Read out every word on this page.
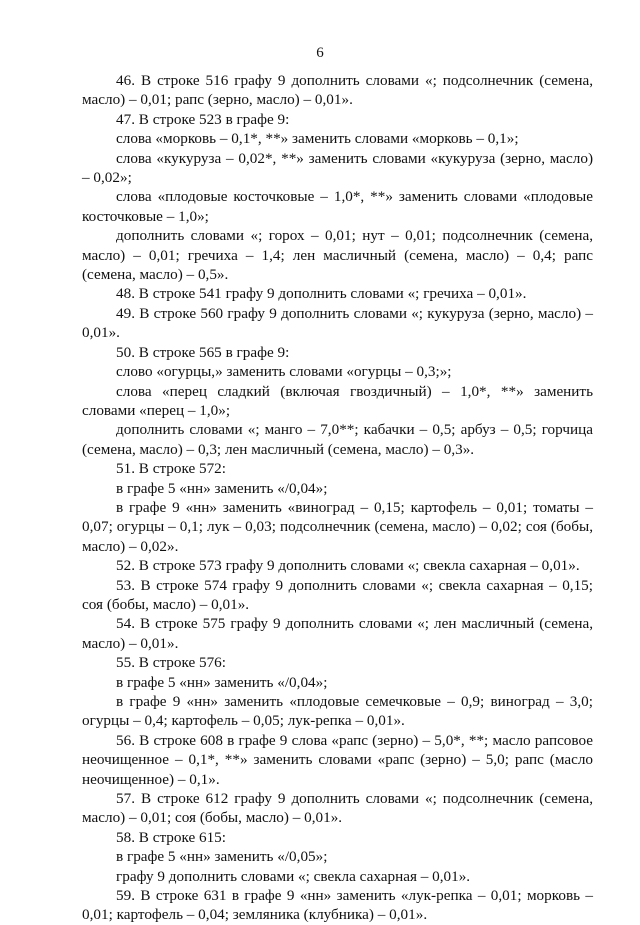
6

46. В строке 516 графу 9 дополнить словами «; подсолнечник (семена, масло) – 0,01; рапс (зерно, масло) – 0,01».

47. В строке 523 в графе 9:

слова «морковь – 0,1*, **» заменить словами «морковь – 0,1»;

слова «кукуруза – 0,02*, **» заменить словами «кукуруза (зерно, масло) – 0,02»;

слова «плодовые косточковые – 1,0*, **» заменить словами «плодовые косточковые – 1,0»;

дополнить словами «; горох – 0,01; нут – 0,01; подсолнечник (семена, масло) – 0,01; гречиха – 1,4; лен масличный (семена, масло) – 0,4; рапс (семена, масло) – 0,5».

48. В строке 541 графу 9 дополнить словами «; гречиха – 0,01».

49. В строке 560 графу 9 дополнить словами «; кукуруза (зерно, масло) – 0,01».

50. В строке 565 в графе 9:

слово «огурцы,» заменить словами «огурцы – 0,3;»;

слова «перец сладкий (включая гвоздичный) – 1,0*, **» заменить словами «перец – 1,0»;

дополнить словами «; манго – 7,0**; кабачки – 0,5; арбуз – 0,5; горчица (семена, масло) – 0,3; лен масличный (семена, масло) – 0,3».

51. В строке 572:

в графе 5 «нн» заменить «/0,04»;

в графе 9 «нн» заменить «виноград – 0,15; картофель – 0,01; томаты – 0,07; огурцы – 0,1; лук – 0,03; подсолнечник (семена, масло) – 0,02; соя (бобы, масло) – 0,02».

52. В строке 573 графу 9 дополнить словами «; свекла сахарная – 0,01».

53. В строке 574 графу 9 дополнить словами «; свекла сахарная – 0,15; соя (бобы, масло) – 0,01».

54. В строке 575 графу 9 дополнить словами «; лен масличный (семена, масло) – 0,01».

55. В строке 576:

в графе 5 «нн» заменить «/0,04»;

в графе 9 «нн» заменить «плодовые семечковые – 0,9; виноград – 3,0; огурцы – 0,4; картофель – 0,05; лук-репка – 0,01».

56. В строке 608 в графе 9 слова «рапс (зерно) – 5,0*, **; масло рапсовое неочищенное – 0,1*, **» заменить словами «рапс (зерно) – 5,0; рапс (масло неочищенное) – 0,1».

57. В строке 612 графу 9 дополнить словами «; подсолнечник (семена, масло) – 0,01; соя (бобы, масло) – 0,01».

58. В строке 615:

в графе 5 «нн» заменить «/0,05»;

графу 9 дополнить словами «; свекла сахарная – 0,01».

59. В строке 631 в графе 9 «нн» заменить «лук-репка – 0,01; морковь – 0,01; картофель – 0,04; земляника (клубника) – 0,01».
